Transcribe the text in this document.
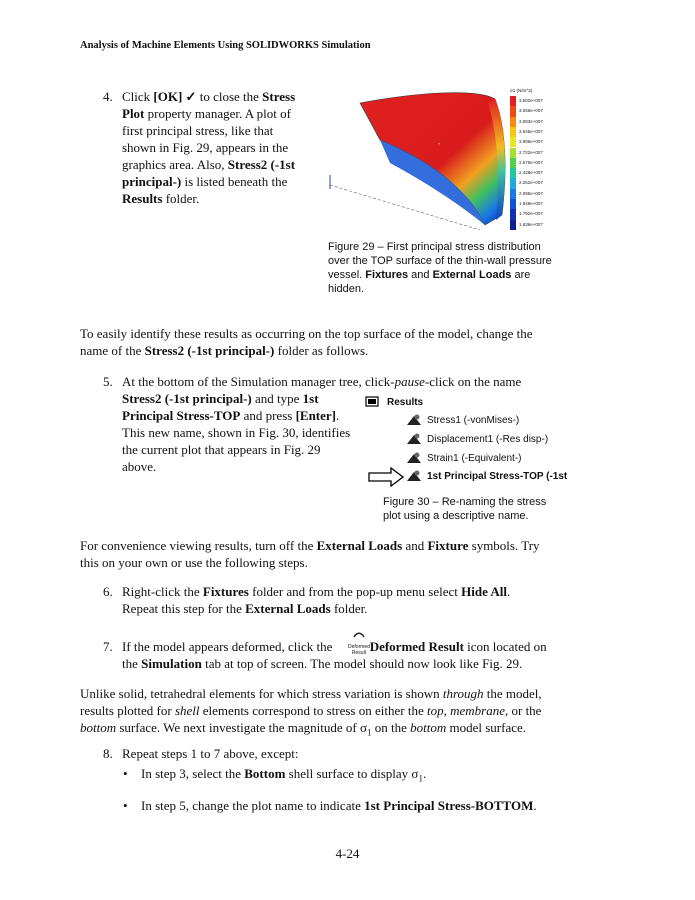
Analysis of Machine Elements Using SOLIDWORKS Simulation
4. Click [OK] ✓ to close the Stress
Plot property manager. A plot of
first principal stress, like that
shown in Fig. 29, appears in the
graphics area. Also, Stress2 (-1st
principal-) is listed beneath the
Results folder.
+
σ1 (N/m^2)
3.502e+007
3.056e+007
3.083e+007
3.645e+007
3.996e+007
2.722e+007
2.575e+007
2.428e+007
2.262e+007
2.095e+007
1.949e+007
1.792e+007
1.636e+007
Figure 29 – First principal stress distribution
over the TOP surface of the thin-wall pressure
vessel. Fixtures and External Loads are
hidden.
To easily identify these results as occurring on the top surface of the model, change the
name of the Stress2 (-1st principal-) folder as follows.
5. At the bottom of the Simulation manager tree, click-pause-click on the name
Stress2 (-1st principal-) and type 1st
Principal Stress-TOP and press [Enter].
This new name, shown in Fig. 30, identifies
the current plot that appears in Fig. 29
above.
Results
Stress1 (-vonMises-)
Displacement1 (-Res disp-)
Strain1 (-Equivalent-)
1st Principal Stress-TOP (-1st
Figure 30 – Re-naming the stress
plot using a descriptive name.
For convenience viewing results, turn off the External Loads and Fixture symbols. Try
this on your own or use the following steps.
6. Right-click the Fixtures folder and from the pop-up menu select Hide All.
Repeat this step for the External Loads folder.
7. If the model appears deformed, click the	Deformed Result icon located on
the Simulation tab at top of screen. The model should now look like Fig. 29.
Deformed
Result
Unlike solid, tetrahedral elements for which stress variation is shown through the model,
results plotted for shell elements correspond to stress on either the top, membrane, or the
bottom surface. We next investigate the magnitude of $\sigma_1$ on the bottom model surface.
8. Repeat steps 1 to 7 above, except:
• In step 3, select the Bottom shell surface to display $\sigma_1$.
• In step 5, change the plot name to indicate 1st Principal Stress-BOTTOM.
4-24
